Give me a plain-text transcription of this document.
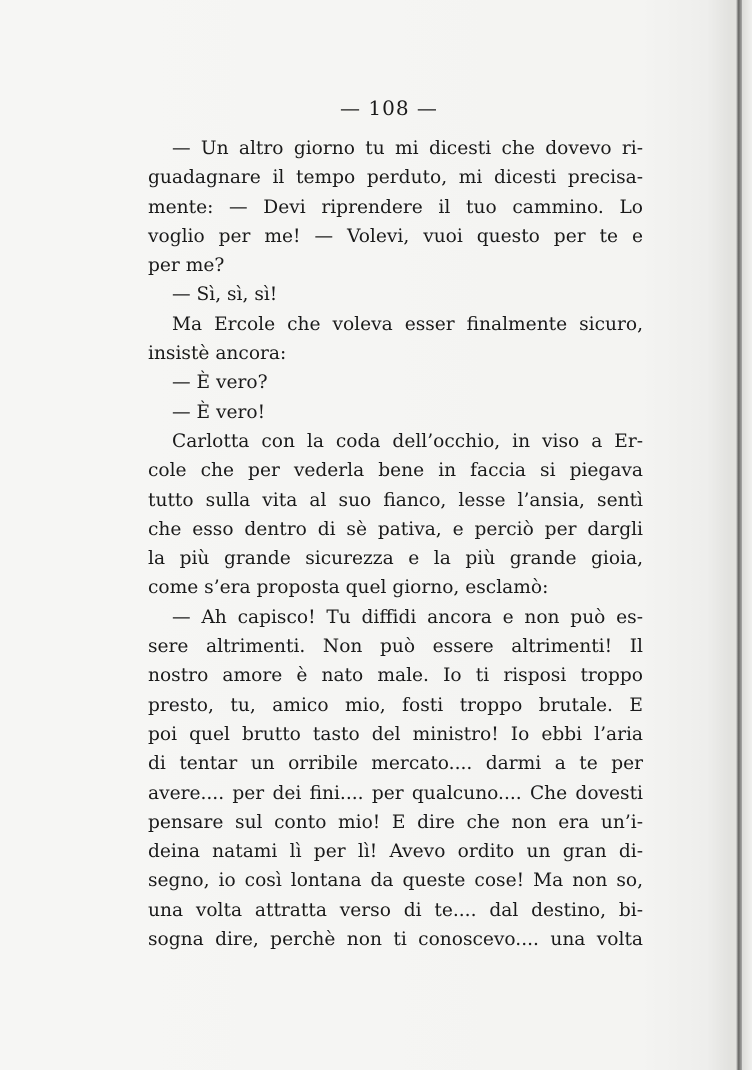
— 108 —
— Un altro giorno tu mi dicesti che dovevo ri-
guadagnare il tempo perduto, mi dicesti precisa-
mente: — Devi riprendere il tuo cammino. Lo
voglio per me! — Volevi, vuoi questo per te e
per me?
— Sì, sì, sì!
Ma Ercole che voleva esser finalmente sicuro,
insistè ancora:
— È vero?
— È vero!
Carlotta con la coda dell’occhio, in viso a Er-
cole che per vederla bene in faccia si piegava
tutto sulla vita al suo fianco, lesse l’ansia, sentì
che esso dentro di sè pativa, e perciò per dargli
la più grande sicurezza e la più grande gioia,
come s’era proposta quel giorno, esclamò:
— Ah capisco! Tu diffidi ancora e non può es-
sere altrimenti. Non può essere altrimenti! Il
nostro amore è nato male. Io ti risposi troppo
presto, tu, amico mio, fosti troppo brutale. E
poi quel brutto tasto del ministro! Io ebbi l’aria
di tentar un orribile mercato.... darmi a te per
avere.... per dei fini.... per qualcuno.... Che dovesti
pensare sul conto mio! E dire che non era un’i-
deina natami lì per lì! Avevo ordito un gran di-
segno, io così lontana da queste cose! Ma non so,
una volta attratta verso di te.... dal destino, bi-
sogna dire, perchè non ti conoscevo.... una volta
